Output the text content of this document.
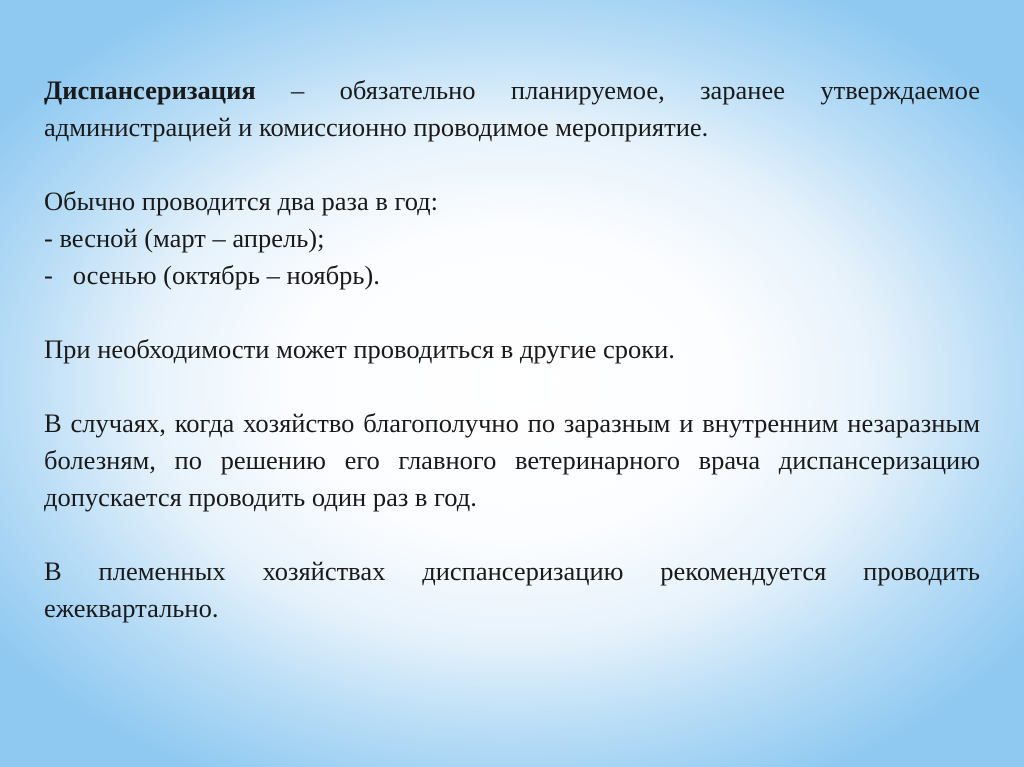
Диспансеризация – обязательно планируемое, заранее утверждаемое администрацией и комиссионно проводимое мероприятие.

Обычно проводится два раза в год:

- весной (март – апрель);

-   осенью (октябрь – ноябрь).

При необходимости может проводиться в другие сроки.

В случаях, когда хозяйство благополучно по заразным и внутренним незаразным болезням, по решению его главного ветеринарного врача диспансеризацию допускается проводить один раз в год.

В племенных хозяйствах диспансеризацию рекомендуется проводить ежеквартально.
